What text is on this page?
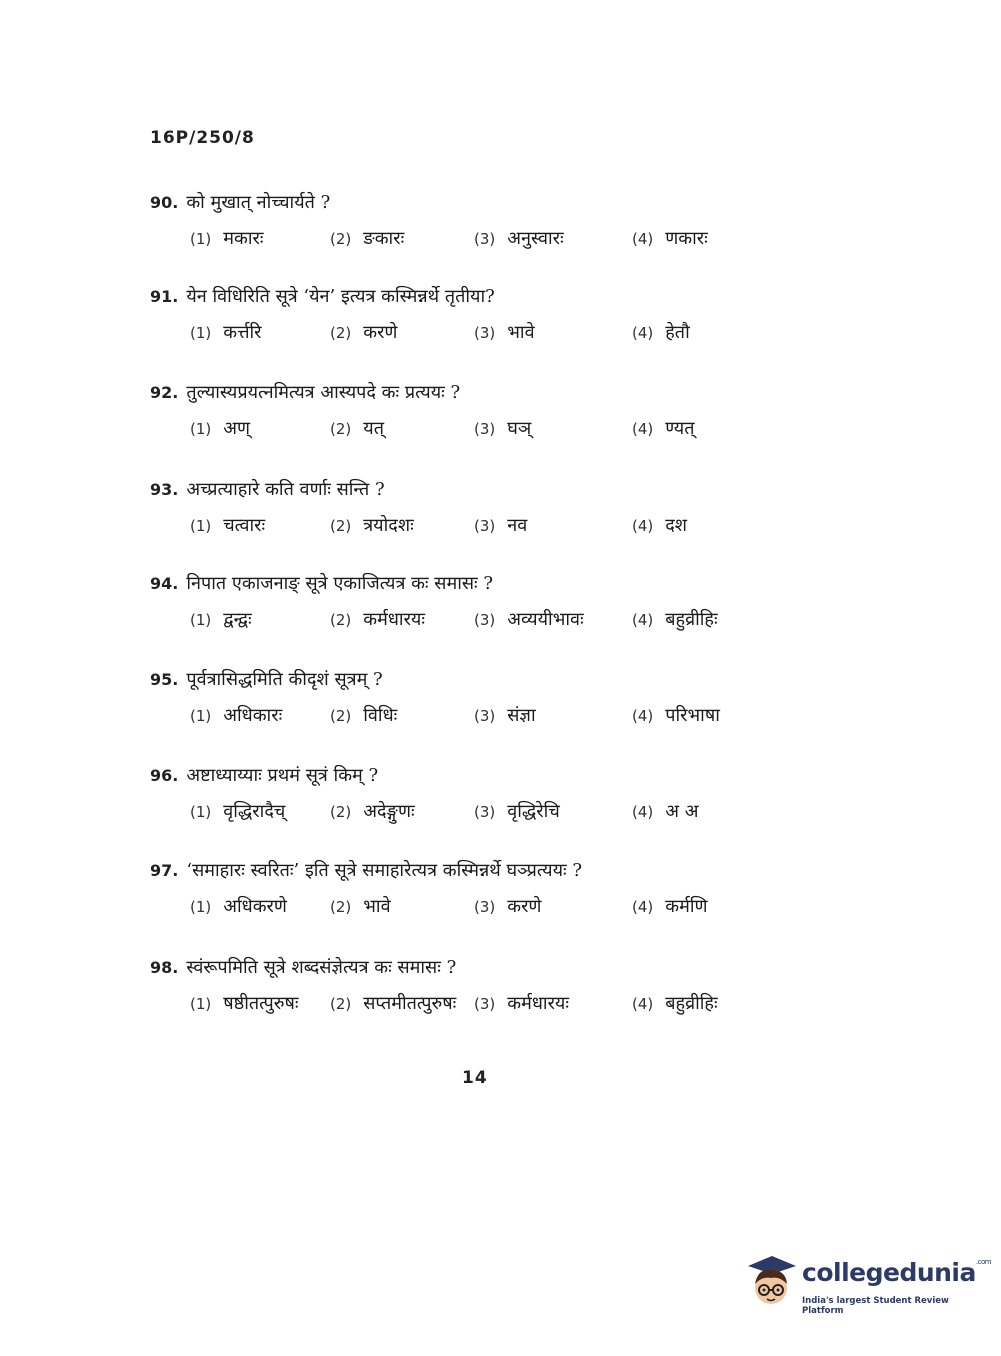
16P/250/8
90. को मुखात् नोच्चार्यते ?
(1) मकारः	(2) ङकारः	(3) अनुस्वारः	(4) णकारः
91. येन विधिरिति सूत्रे ‘येन’ इत्यत्र कस्मिन्नर्थे तृतीया?
(1) कर्त्तरि	(2) करणे	(3) भावे	(4) हेतौ
92. तुल्यास्यप्रयत्नमित्यत्र आस्यपदे कः प्रत्ययः ?
(1) अण्	(2) यत्	(3) घञ्	(4) ण्यत्
93. अच्प्रत्याहारे कति वर्णाः सन्ति ?
(1) चत्वारः	(2) त्रयोदशः	(3) नव	(4) दश
94. निपात एकाजनाङ् सूत्रे एकाजित्यत्र कः समासः ?
(1) द्वन्द्वः	(2) कर्मधारयः	(3) अव्ययीभावः	(4) बहुव्रीहिः
95. पूर्वत्रासिद्धमिति कीदृशं सूत्रम् ?
(1) अधिकारः	(2) विधिः	(3) संज्ञा	(4) परिभाषा
96. अष्टाध्याय्याः प्रथमं सूत्रं किम् ?
(1) वृद्धिरादैच्	(2) अदेङ्गुणः	(3) वृद्धिरेचि	(4) अ अ
97. ‘समाहारः स्वरितः’ इति सूत्रे समाहारेत्यत्र कस्मिन्नर्थे घञ्प्रत्ययः ?
(1) अधिकरणे	(2) भावे	(3) करणे	(4) कर्मणि
98. स्वंरूपमिति सूत्रे शब्दसंज्ञेत्यत्र कः समासः ?
(1) षष्ठीतत्पुरुषः (2) सप्तमीतत्पुरुषः (3) कर्मधारयः	(4) बहुव्रीहिः
14
collegedunia$^{.com}$
India's largest Student Review Platform
